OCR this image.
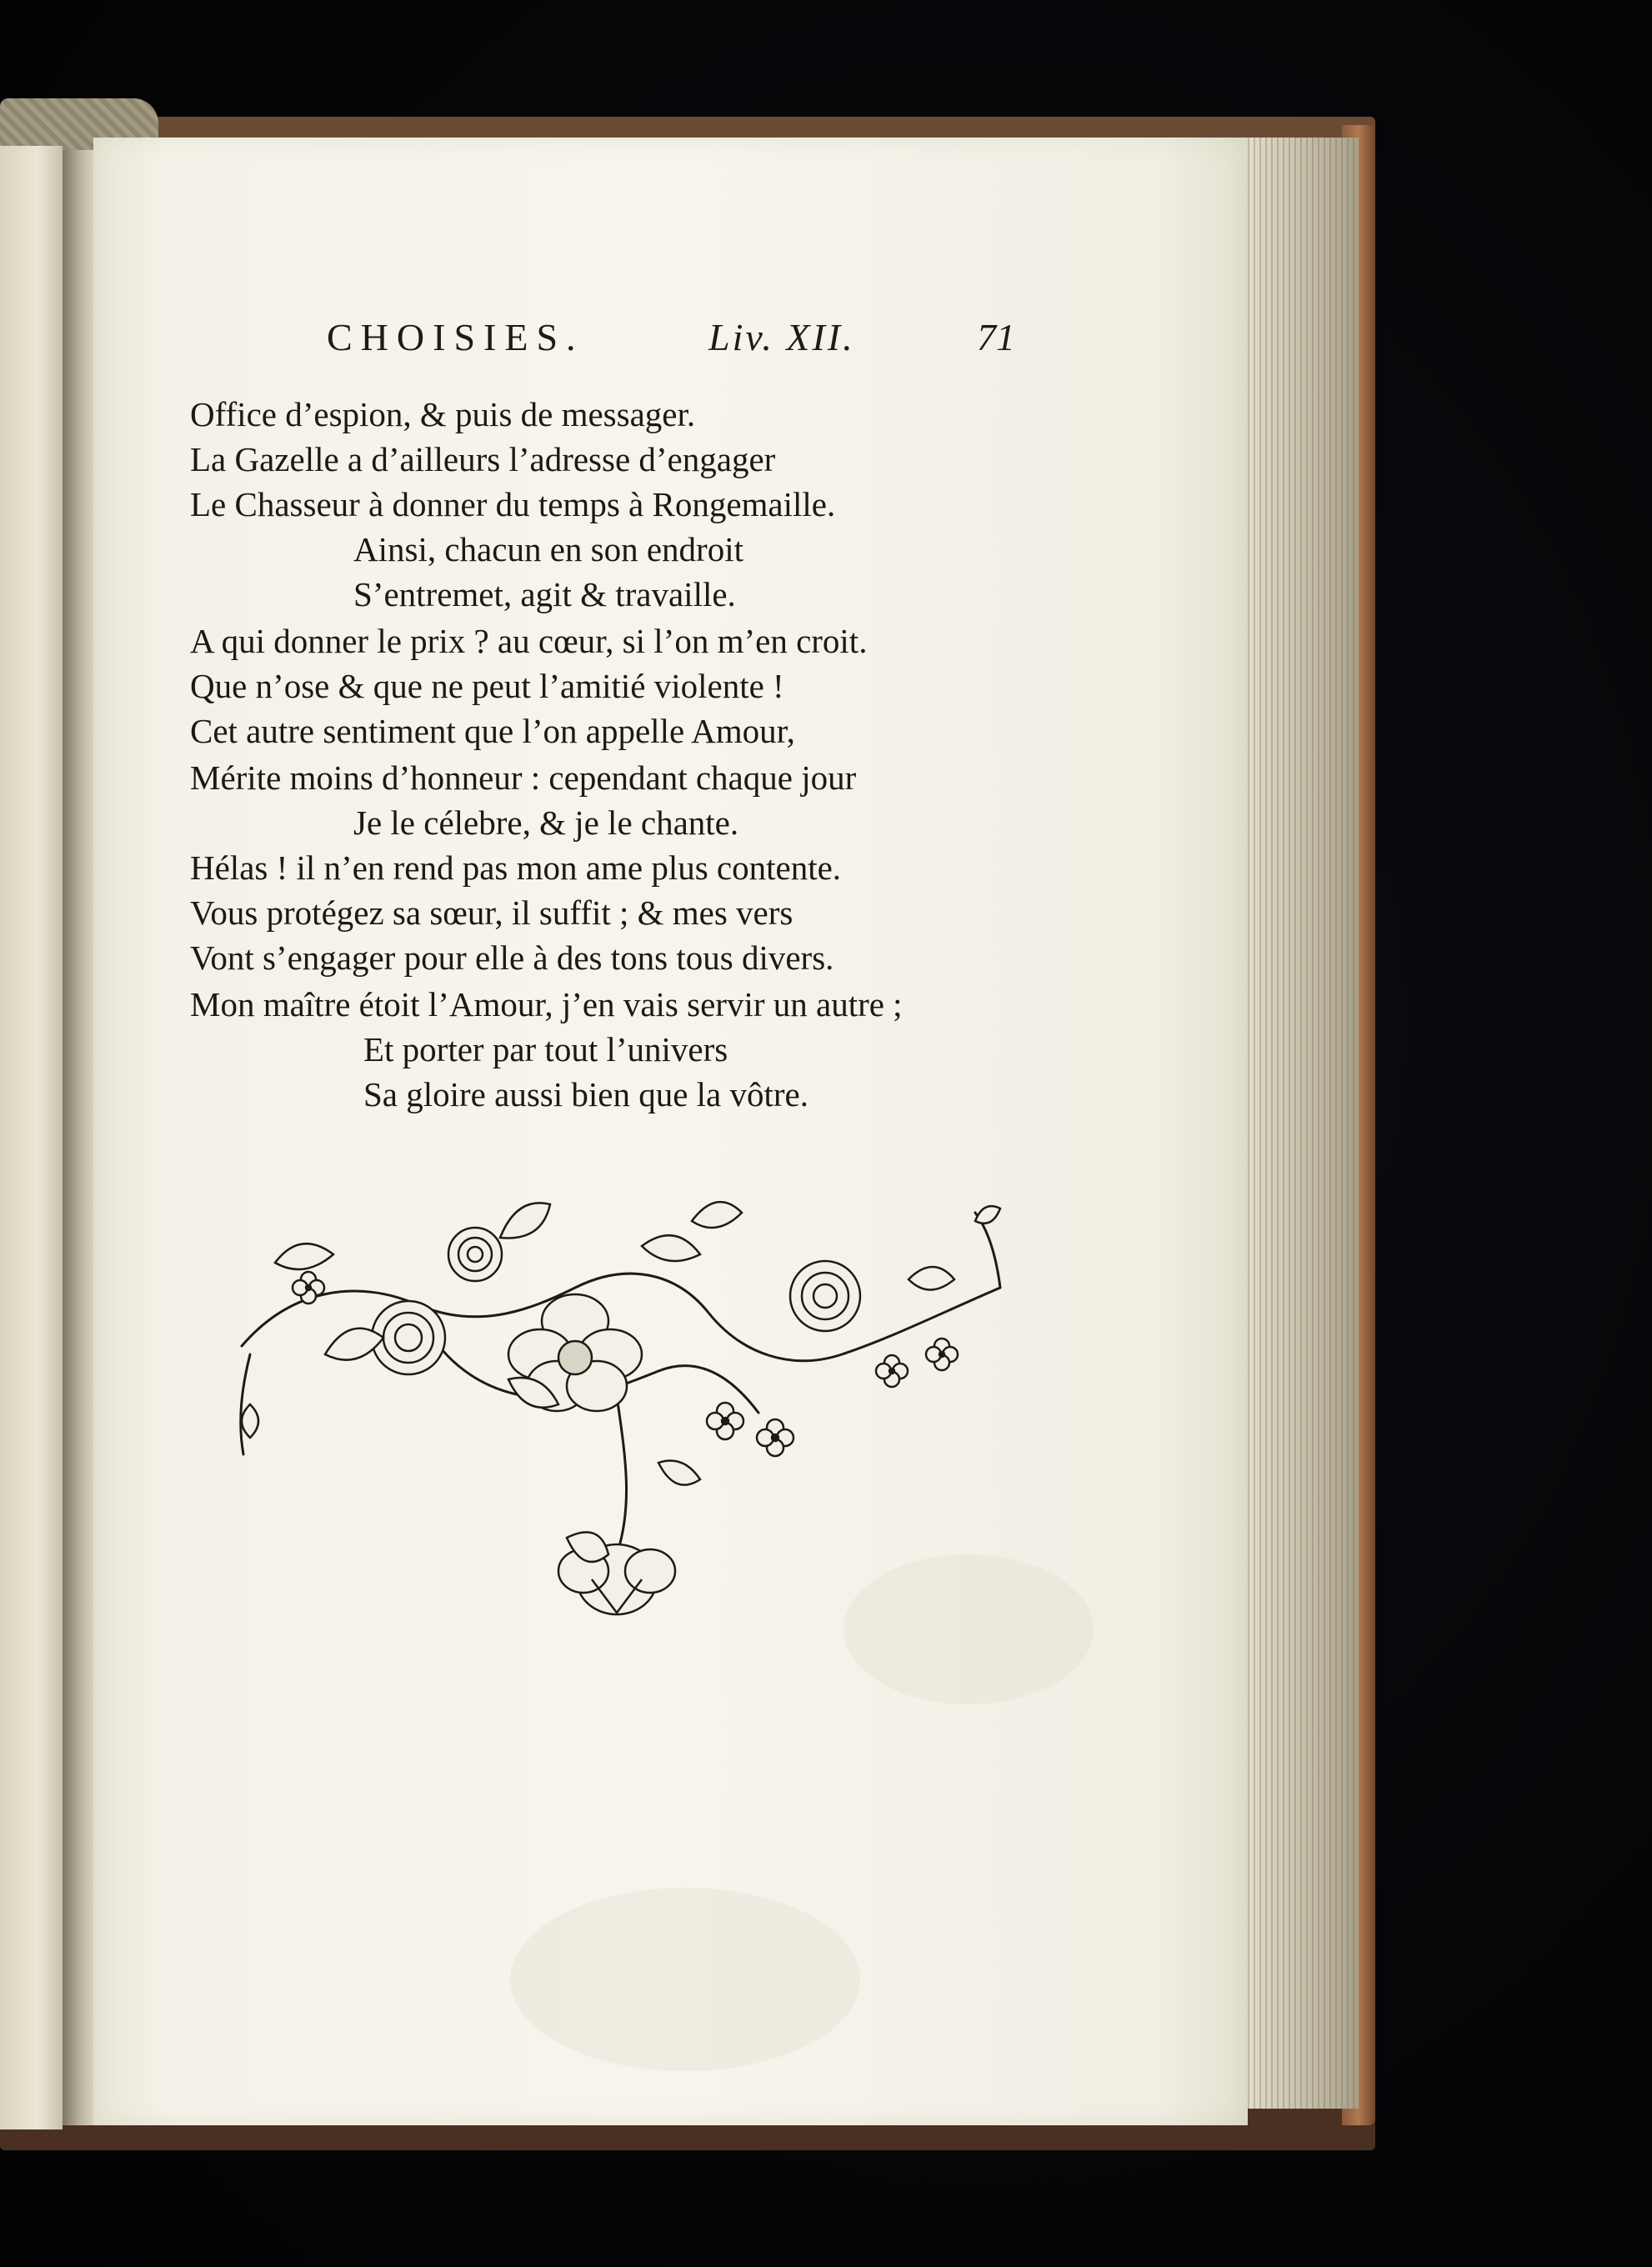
CHOISIES.	Liv. XII.	71
Office d’espion, & puis de messager.
La Gazelle a d’ailleurs l’adresse d’engager
Le Chasseur à donner du temps à Rongemaille.
Ainsi, chacun en son endroit
S’entremet, agit & travaille.
A qui donner le prix ? au cœur, si l’on m’en croit.
Que n’ose & que ne peut l’amitié violente !
Cet autre sentiment que l’on appelle Amour,
Mérite moins d’honneur : cependant chaque jour
Je le célebre, & je le chante.
Hélas ! il n’en rend pas mon ame plus contente.
Vous protégez sa sœur, il suffit ; & mes vers
Vont s’engager pour elle à des tons tous divers.
Mon maître étoit l’Amour, j’en vais servir un autre ;
Et porter par tout l’univers
Sa gloire aussi bien que la vôtre.
